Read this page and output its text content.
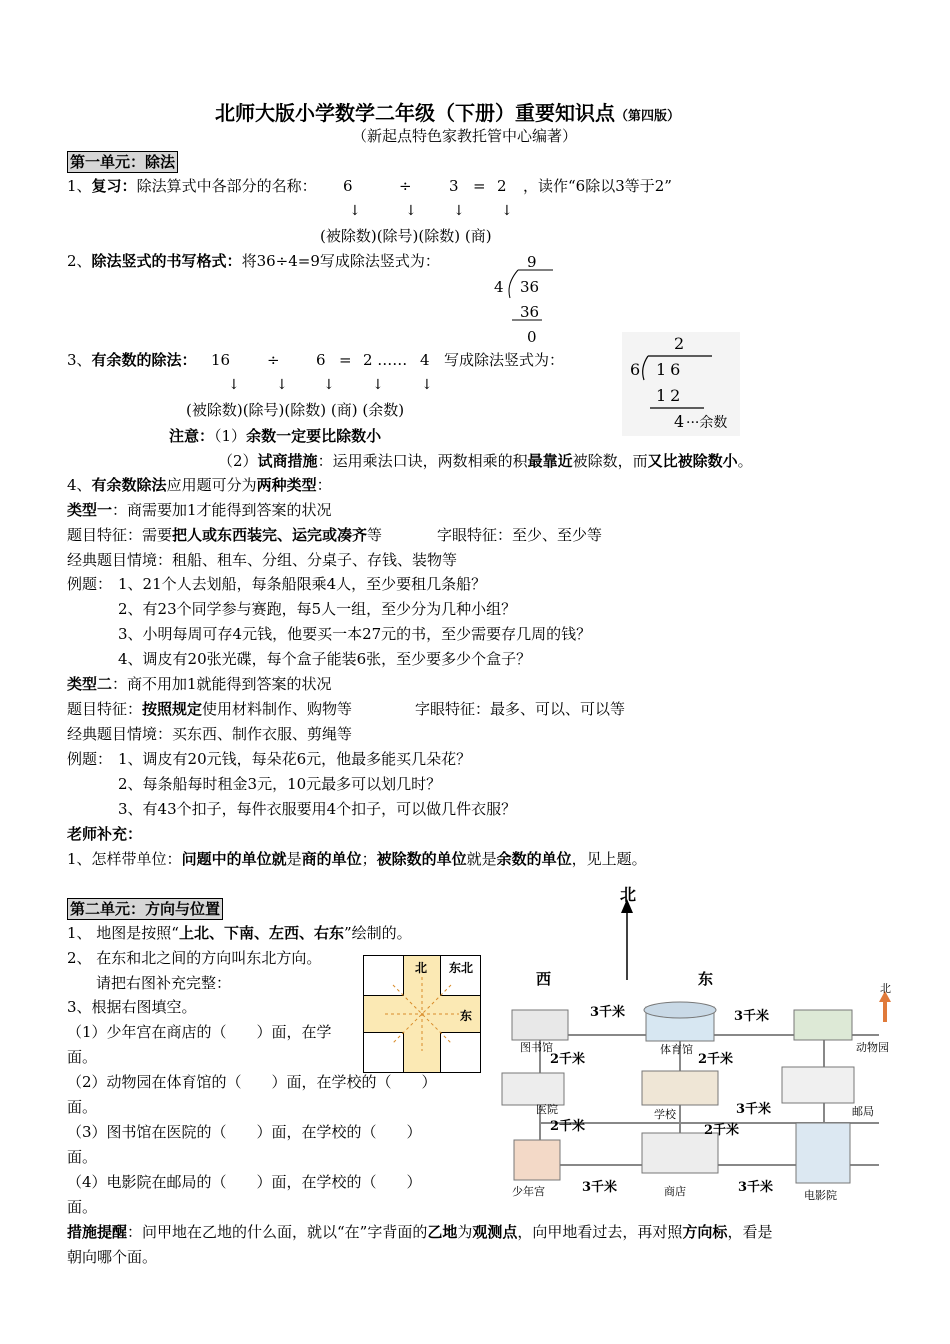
北师大版小学数学二年级（下册）重要知识点（第四版）
（新起点特色家教托管中心编著）
第一单元：除法
1、复习：除法算式中各部分的名称： 6	÷ 3 = 2 ，读作“6除以3等于2”
↓	↓	↓	↓
(被除数)(除号)(除数) (商)
2、除法竖式的书写格式：将36÷4=9写成除法竖式为：	9
4 36
36
0
3、有余数的除法： 16 ÷ 6 = 2 …… 4 写成除法竖式为：
↓	↓	↓	↓	↓
(被除数)(除号)(除数) (商) (余数)
2
6 16
12
4 ···余数
注意：（1）余数一定要比除数小
（2）试商措施：运用乘法口诀，两数相乘的积最靠近被除数，而又比被除数小。
4、有余数除法应用题可分为两种类型：
类型一：商需要加1才能得到答案的状况
题目特征：需要把人或东西装完、运完或凑齐等	字眼特征：至少、至少等
经典题目情境：租船、租车、分组、分桌子、存钱、装物等
例题： 1、21个人去划船，每条船限乘4人，至少要租几条船？
2、有23个同学参与赛跑，每5人一组，至少分为几种小组？
3、小明每周可存4元钱，他要买一本27元的书，至少需要存几周的钱？
4、调皮有20张光碟，每个盒子能装6张，至少要多少个盒子？
类型二：商不用加1就能得到答案的状况
题目特征：按照规定使用材料制作、购物等	字眼特征：最多、可以、可以等
经典题目情境：买东西、制作衣服、剪绳等
例题： 1、调皮有20元钱，每朵花6元，他最多能买几朵花？
2、每条船每时租金3元，10元最多可以划几时？
3、有43个扣子，每件衣服要用4个扣子，可以做几件衣服？
老师补充：
1、怎样带单位：问题中的单位就是商的单位；被除数的单位就是余数的单位，见上题。
第二单元：方向与位置
1、 地图是按照“上北、下南、左西、右东”绘制的。
2、 在东和北之间的方向叫东北方向。
请把右图补充完整：
3、根据右图填空。
（1）少年宫在商店的（　　）面，在学
面。
（2）动物园在体育馆的（　　）面，在学校的（　　）
面。
（3）图书馆在医院的（　　）面，在学校的（　　）
面。
（4）电影院在邮局的（　　）面，在学校的（　　）
面。
措施提醒：问甲地在乙地的什么面，就以“在”字背面的乙地为观测点，向甲地看过去，再对照方向标，看是
朝向哪个面。
北 东北
东
北
西	东
北
图书馆	体育馆	动物园
医院	学校	邮局
少年宫	商店	电影院
3千米	3千米
2千米	2千米
3千米
2千米	2千米
3千米	3千米
